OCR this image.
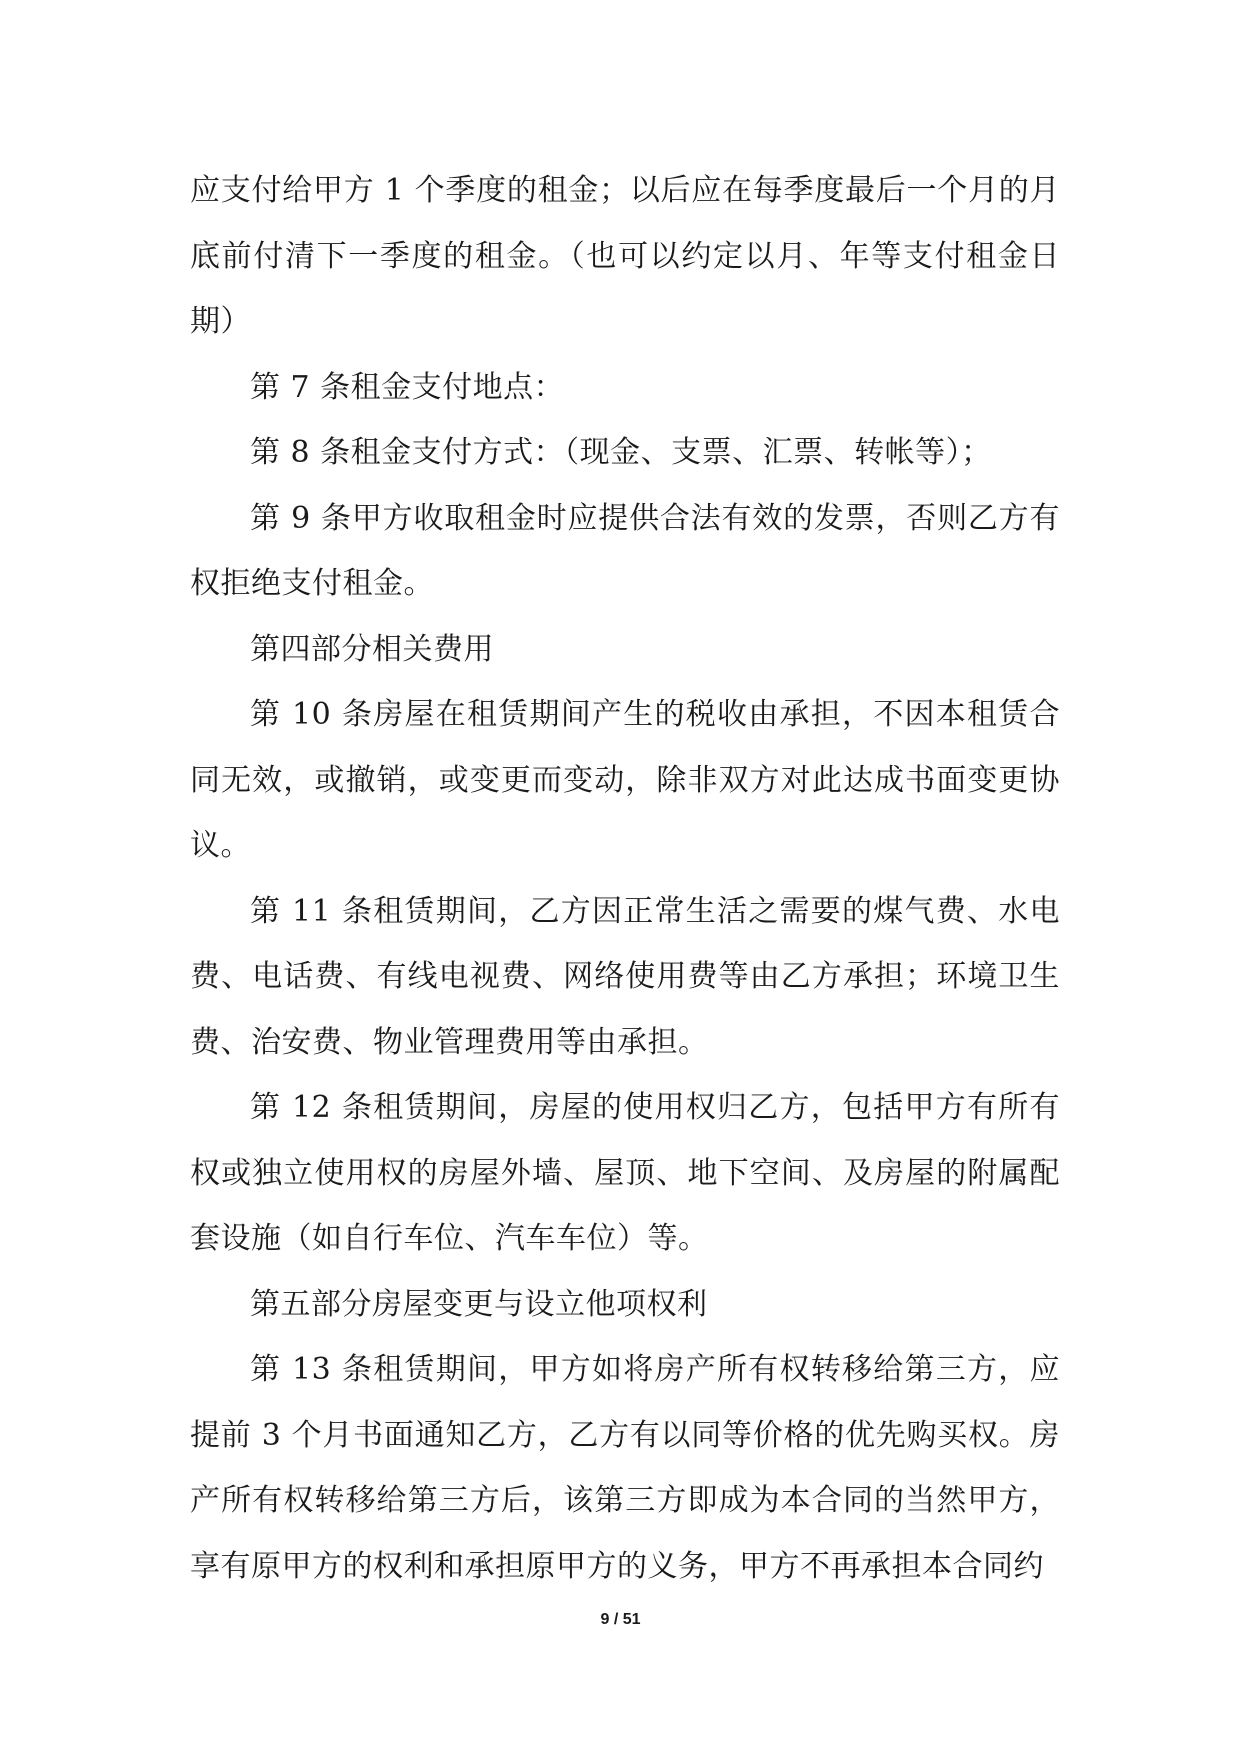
应支付给甲方 1 个季度的租金；以后应在每季度最后一个月的月底前付清下一季度的租金。（也可以约定以月、年等支付租金日期）

第 7 条租金支付地点：

第 8 条租金支付方式：（现金、支票、汇票、转帐等）；

第 9 条甲方收取租金时应提供合法有效的发票，否则乙方有权拒绝支付租金。

第四部分相关费用

第 10 条房屋在租赁期间产生的税收由承担，不因本租赁合同无效，或撤销，或变更而变动，除非双方对此达成书面变更协议。

第 11 条租赁期间，乙方因正常生活之需要的煤气费、水电费、电话费、有线电视费、网络使用费等由乙方承担；环境卫生费、治安费、物业管理费用等由承担。

第 12 条租赁期间，房屋的使用权归乙方，包括甲方有所有权或独立使用权的房屋外墙、屋顶、地下空间、及房屋的附属配套设施（如自行车位、汽车车位）等。

第五部分房屋变更与设立他项权利

第 13 条租赁期间，甲方如将房产所有权转移给第三方，应提前 3 个月书面通知乙方，乙方有以同等价格的优先购买权。房产所有权转移给第三方后，该第三方即成为本合同的当然甲方，享有原甲方的权利和承担原甲方的义务，甲方不再承担本合同约

9 / 51
